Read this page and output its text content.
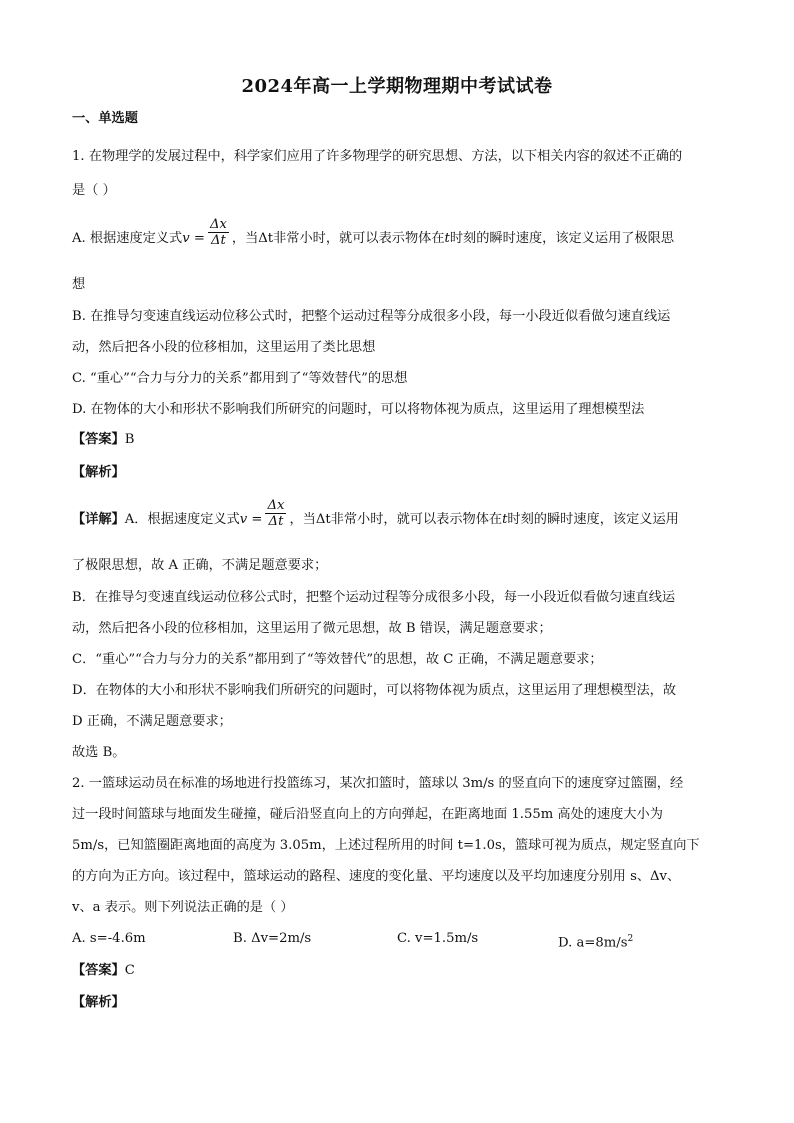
2024年高一上学期物理期中考试试卷
一、单选题
1. 在物理学的发展过程中，科学家们应用了许多物理学的研究思想、方法，以下相关内容的叙述不正确的
是（ ）
A. 根据速度定义式$v = \frac{\Delta x}{\Delta t}$ ，当Δt非常小时，就可以表示物体在t时刻的瞬时速度，该定义运用了极限思
想
B. 在推导匀变速直线运动位移公式时，把整个运动过程等分成很多小段，每一小段近似看做匀速直线运
动，然后把各小段的位移相加，这里运用了类比思想
C. “重心”“合力与分力的关系”都用到了“等效替代”的思想
D. 在物体的大小和形状不影响我们所研究的问题时，可以将物体视为质点，这里运用了理想模型法
【答案】B
【解析】
【详解】A．根据速度定义式$v = \frac{\Delta x}{\Delta t}$ ，当Δt非常小时，就可以表示物体在t时刻的瞬时速度，该定义运用
了极限思想，故 A 正确，不满足题意要求；
B．在推导匀变速直线运动位移公式时，把整个运动过程等分成很多小段，每一小段近似看做匀速直线运
动，然后把各小段的位移相加，这里运用了微元思想，故 B 错误，满足题意要求；
C．“重心”“合力与分力的关系”都用到了“等效替代”的思想，故 C 正确，不满足题意要求；
D．在物体的大小和形状不影响我们所研究的问题时，可以将物体视为质点，这里运用了理想模型法，故
D 正确，不满足题意要求；
故选 B。
2. 一篮球运动员在标准的场地进行投篮练习，某次扣篮时，篮球以 3m/s 的竖直向下的速度穿过篮圈，经
过一段时间篮球与地面发生碰撞，碰后沿竖直向上的方向弹起，在距离地面 1.55m 高处的速度大小为
5m/s，已知篮圈距离地面的高度为 3.05m，上述过程所用的时间 t=1.0s，篮球可视为质点，规定竖直向下
的方向为正方向。该过程中，篮球运动的路程、速度的变化量、平均速度以及平均加速度分别用 s、Δv、
v、a 表示。则下列说法正确的是（ ）
A. s=-4.6m	B. Δv=2m/s	C. v=1.5m/s	D. $a=8m/s^2$
【答案】C
【解析】
